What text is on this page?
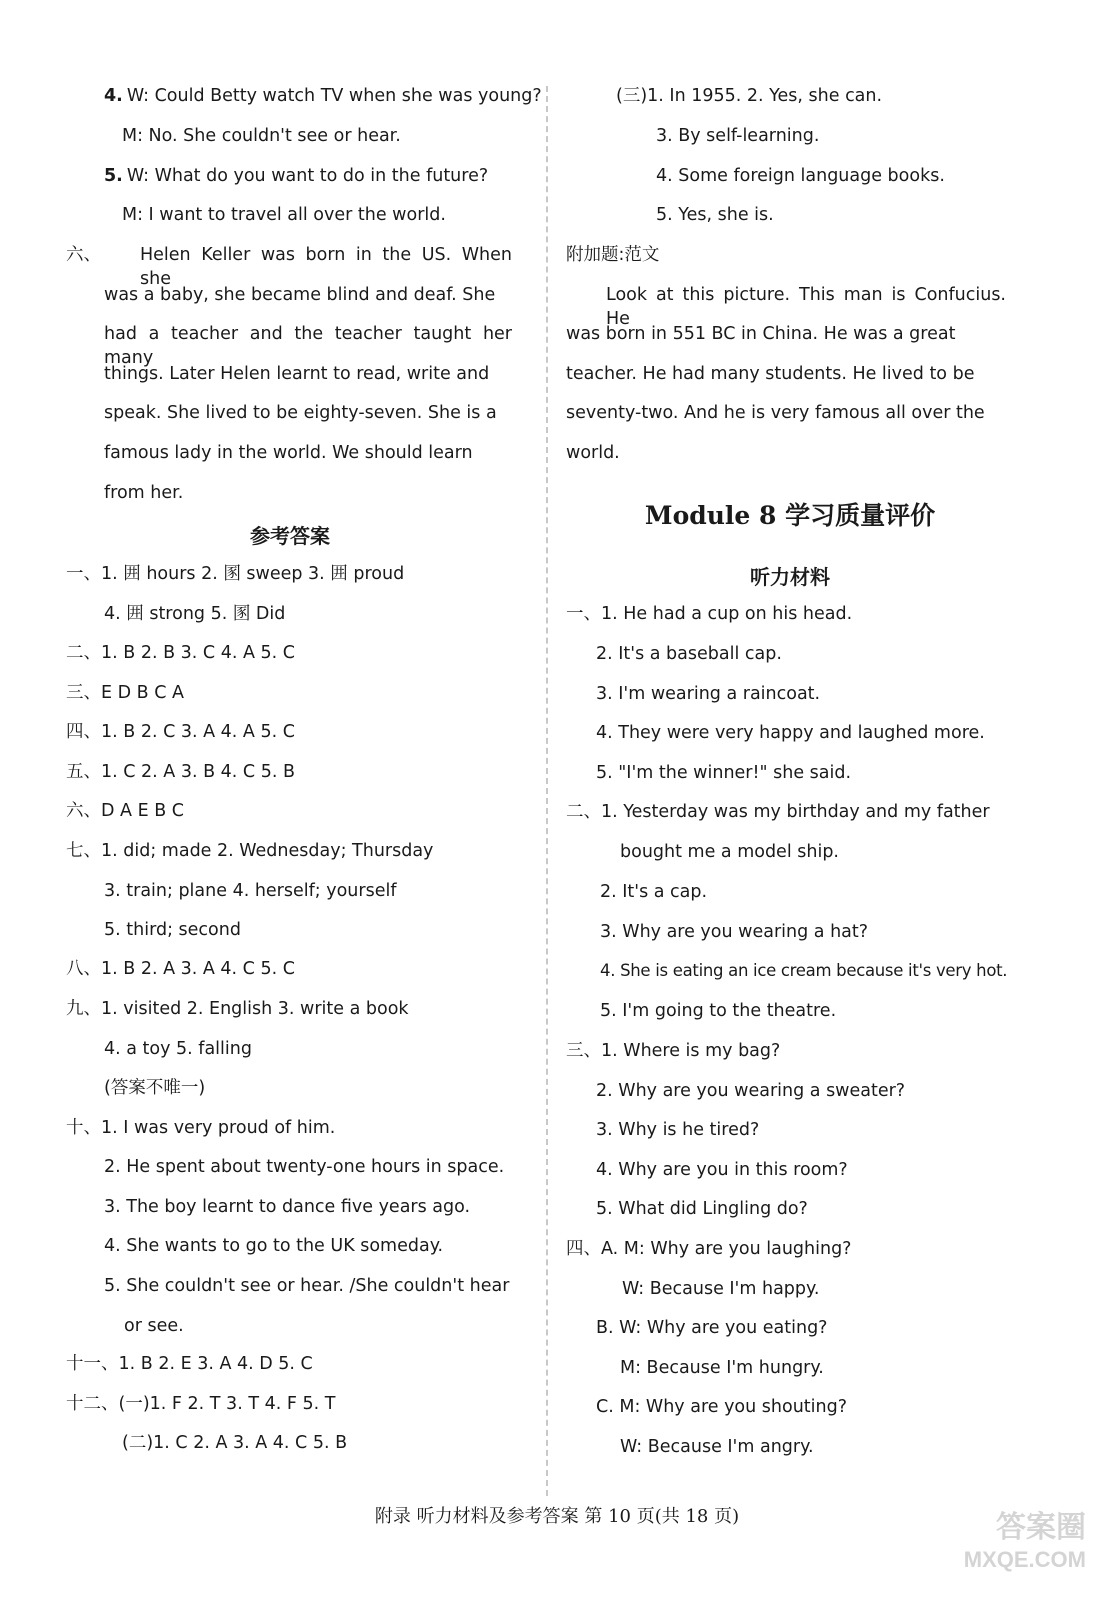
4. W: Could Betty watch TV when she was young?
M: No. She couldn't see or hear.
5. W: What do you want to do in the future?
M: I want to travel all over the world.
六、 Helen Keller was born in the US. When she
was a baby, she became blind and deaf. She
had a teacher and the teacher taught her many
things. Later Helen learnt to read, write and
speak. She lived to be eighty-seven. She is a
famous lady in the world. We should learn
from her.
参考答案
一、1. 囲 hours 2. 圂 sweep 3. 囲 proud
4. 囲 strong 5. 圂 Did
二、1. B 2. B 3. C 4. A 5. C
三、E D B C A
四、1. B 2. C 3. A 4. A 5. C
五、1. C 2. A 3. B 4. C 5. B
六、D A E B C
七、1. did; made 2. Wednesday; Thursday
3. train; plane 4. herself; yourself
5. third; second
八、1. B 2. A 3. A 4. C 5. C
九、1. visited 2. English 3. write a book
4. a toy 5. falling
(答案不唯一)
十、1. I was very proud of him.
2. He spent about twenty-one hours in space.
3. The boy learnt to dance five years ago.
4. She wants to go to the UK someday.
5. She couldn't see or hear. /She couldn't hear
or see.
十一、1. B 2. E 3. A 4. D 5. C
十二、(一)1. F 2. T 3. T 4. F 5. T
(二)1. C 2. A 3. A 4. C 5. B
(三)1. In 1955. 2. Yes, she can.
3. By self-learning.
4. Some foreign language books.
5. Yes, she is.
附加题:范文
Look at this picture. This man is Confucius. He
was born in 551 BC in China. He was a great
teacher. He had many students. He lived to be
seventy-two. And he is very famous all over the
world.
Module 8 学习质量评价
听力材料
一、1. He had a cup on his head.
2. It's a baseball cap.
3. I'm wearing a raincoat.
4. They were very happy and laughed more.
5. "I'm the winner!" she said.
二、1. Yesterday was my birthday and my father
bought me a model ship.
2. It's a cap.
3. Why are you wearing a hat?
4. She is eating an ice cream because it's very hot.
5. I'm going to the theatre.
三、1. Where is my bag?
2. Why are you wearing a sweater?
3. Why is he tired?
4. Why are you in this room?
5. What did Lingling do?
四、A. M: Why are you laughing?
W: Because I'm happy.
B. W: Why are you eating?
M: Because I'm hungry.
C. M: Why are you shouting?
W: Because I'm angry.
附录 听力材料及参考答案 第 10 页(共 18 页)	答案圈
MXQE.COM
